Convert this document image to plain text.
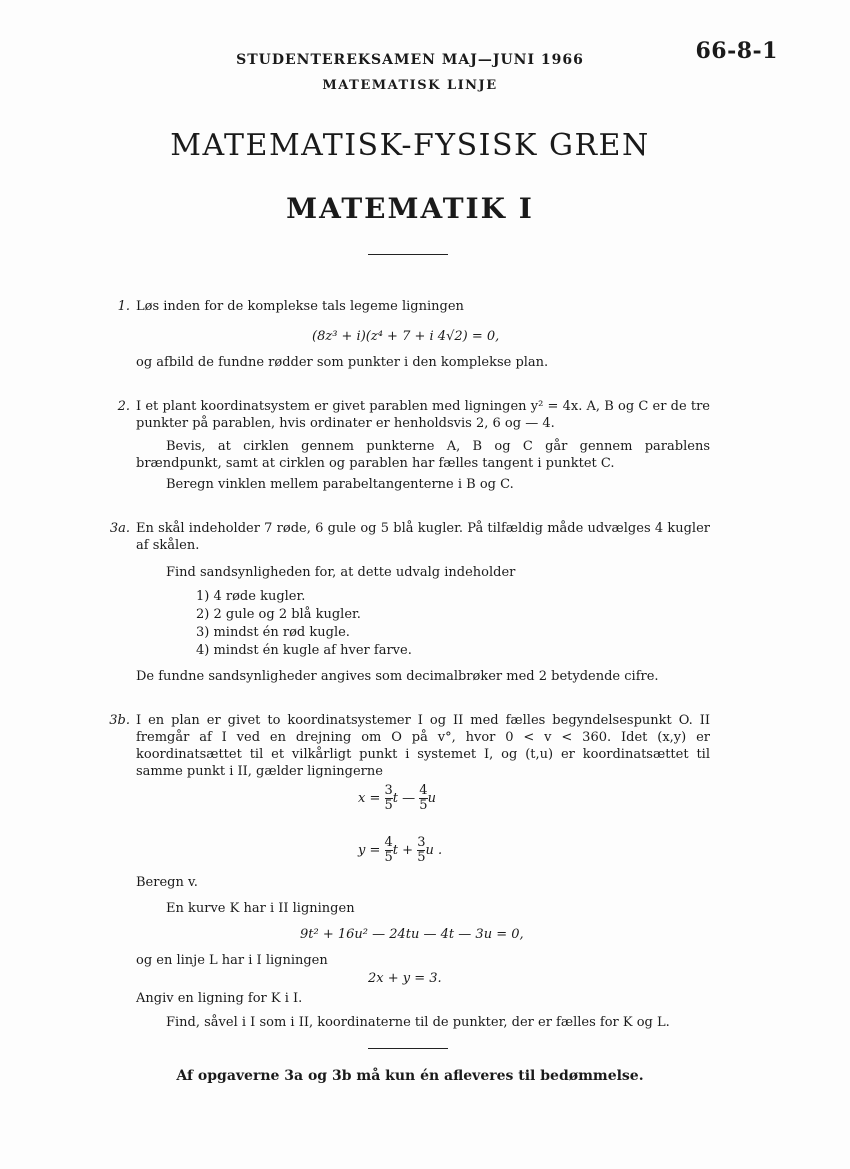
66-8-1
STUDENTEREKSAMEN MAJ—JUNI 1966
MATEMATISK LINJE
MATEMATISK-FYSISK GREN
MATEMATIK I
1. Løs inden for de komplekse tals legeme ligningen
(8z³ + i)(z⁴ + 7 + i 4√2) = 0,
og afbild de fundne rødder som punkter i den komplekse plan.
2. I et plant koordinatsystem er givet parablen med ligningen y² = 4x. A, B og C er de tre punkter på parablen, hvis ordinater er henholdsvis 2, 6 og — 4.
Bevis, at cirklen gennem punkterne A, B og C går gennem parablens brændpunkt, samt at cirklen og parablen har fælles tangent i punktet C.
Beregn vinklen mellem parabeltangenterne i B og C.
3a. En skål indeholder 7 røde, 6 gule og 5 blå kugler. På tilfældig måde udvælges 4 kugler af skålen.
Find sandsynligheden for, at dette udvalg indeholder
1) 4 røde kugler.
2) 2 gule og 2 blå kugler.
3) mindst én rød kugle.
4) mindst én kugle af hver farve.
De fundne sandsynligheder angives som decimalbrøker med 2 betydende cifre.
3b. I en plan er givet to koordinatsystemer I og II med fælles begyndelsespunkt O. II fremgår af I ved en drejning om O på v°, hvor 0 < v < 360. Idet (x,y) er koordinatsættet til et vilkårligt punkt i systemet I, og (t,u) er koordinatsættet til samme punkt i II, gælder ligningerne
$x = \frac{3}{5}$ t — $\frac{4}{5}$ u
$y = \frac{4}{5}$ $t + \frac{3}{5}$ u .
Beregn v.
En kurve K har i II ligningen
9t² + 16u² — 24tu — 4t — 3u = 0,
og en linje L har i I ligningen
2x + y = 3.
Angiv en ligning for K i I.
Find, såvel i I som i II, koordinaterne til de punkter, der er fælles for K og L.
Af opgaverne 3a og 3b må kun én afleveres til bedømmelse.
